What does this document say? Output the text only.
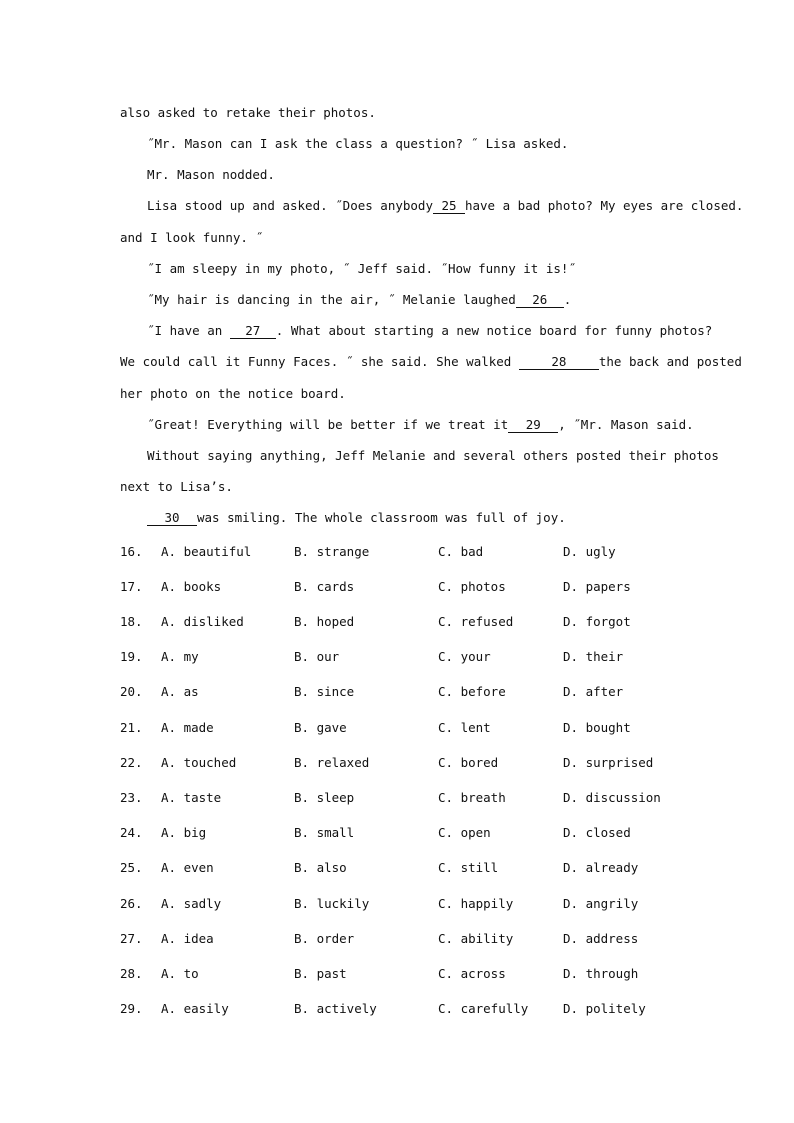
also asked to retake their photos.
˝Mr. Mason can I ask the class a question? ˝ Lisa asked.
Mr. Mason nodded.
Lisa stood up and asked. ˝Does anybody 25 have a bad photo? My eyes are closed.
and I look funny. ˝
˝I am sleepy in my photo, ˝ Jeff said. ˝How funny it is!˝
˝My hair is dancing in the air, ˝ Melanie laughed 26 .
˝I have an 27 . What about starting a new notice board for funny photos?
We could call it Funny Faces. ˝ she said. She walked	28	the back and posted
her photo on the notice board.
˝Great! Everything will be better if we treat it 29 , ˝Mr. Mason said.
Without saying anything, Jeff Melanie and several others posted their photos
next to Lisa’s.
30 was smiling. The whole classroom was full of joy.
16. A. beautiful	B. strange	C. bad	D. ugly
17. A. books	B. cards	C. photos	D. papers
18. A. disliked	B. hoped	C. refused	D. forgot
19. A. my	B. our	C. your	D. their
20. A. as	B. since	C. before	D. after
21. A. made	B. gave	C. lent	D. bought
22. A. touched	B. relaxed	C. bored	D. surprised
23. A. taste	B. sleep	C. breath	D. discussion
24. A. big	B. small	C. open	D. closed
25. A. even	B. also	C. still	D. already
26. A. sadly	B. luckily	C. happily	D. angrily
27. A. idea	B. order	C. ability	D. address
28. A. to	B. past	C. across	D. through
29. A. easily	B. actively	C. carefully	D. politely
